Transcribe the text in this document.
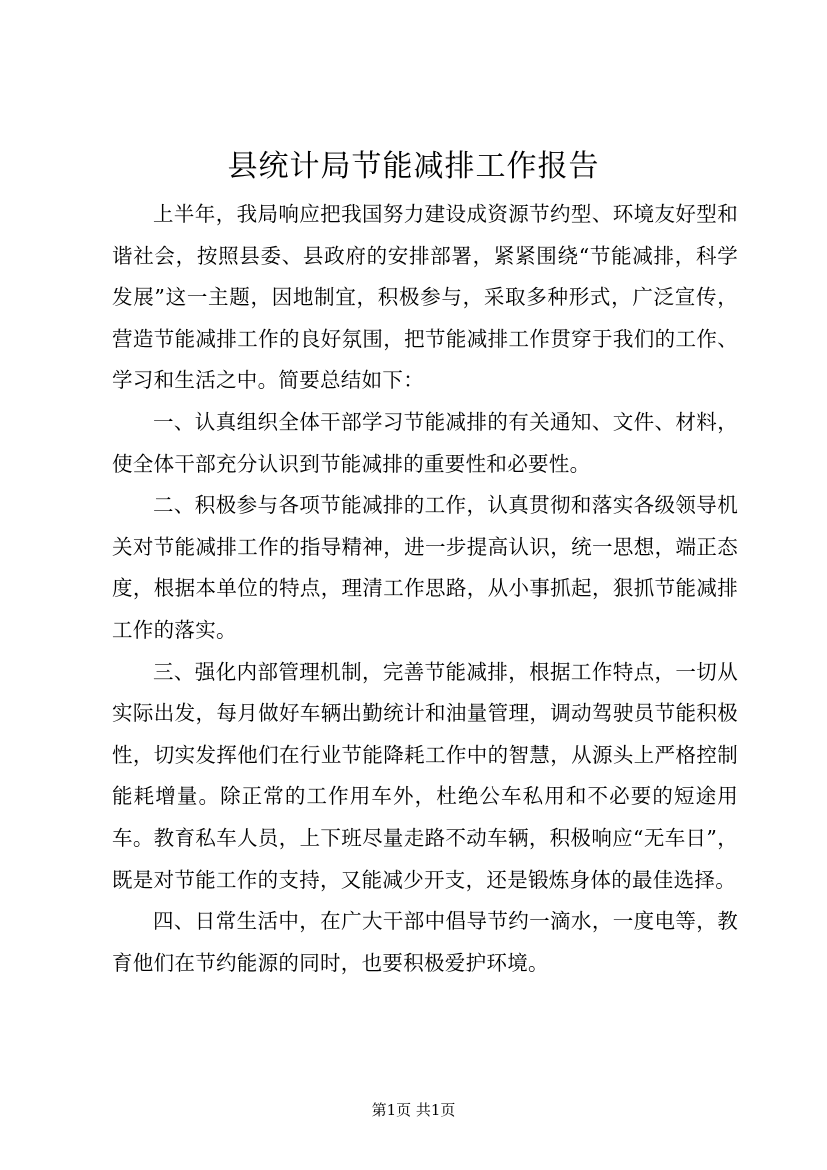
县统计局节能减排工作报告

上半年，我局响应把我国努力建设成资源节约型、环境友好型和谐社会，按照县委、县政府的安排部署，紧紧围绕“节能减排，科学发展”这一主题，因地制宜，积极参与，采取多种形式，广泛宣传，营造节能减排工作的良好氛围，把节能减排工作贯穿于我们的工作、学习和生活之中。简要总结如下：

一、认真组织全体干部学习节能减排的有关通知、文件、材料，使全体干部充分认识到节能减排的重要性和必要性。

二、积极参与各项节能减排的工作，认真贯彻和落实各级领导机关对节能减排工作的指导精神，进一步提高认识，统一思想，端正态度，根据本单位的特点，理清工作思路，从小事抓起，狠抓节能减排工作的落实。

三、强化内部管理机制，完善节能减排，根据工作特点，一切从实际出发，每月做好车辆出勤统计和油量管理，调动驾驶员节能积极性，切实发挥他们在行业节能降耗工作中的智慧，从源头上严格控制能耗增量。除正常的工作用车外，杜绝公车私用和不必要的短途用车。教育私车人员，上下班尽量走路不动车辆，积极响应“无车日”，既是对节能工作的支持，又能减少开支，还是锻炼身体的最佳选择。

四、日常生活中，在广大干部中倡导节约一滴水，一度电等，教育他们在节约能源的同时，也要积极爱护环境。

第1页 共1页
